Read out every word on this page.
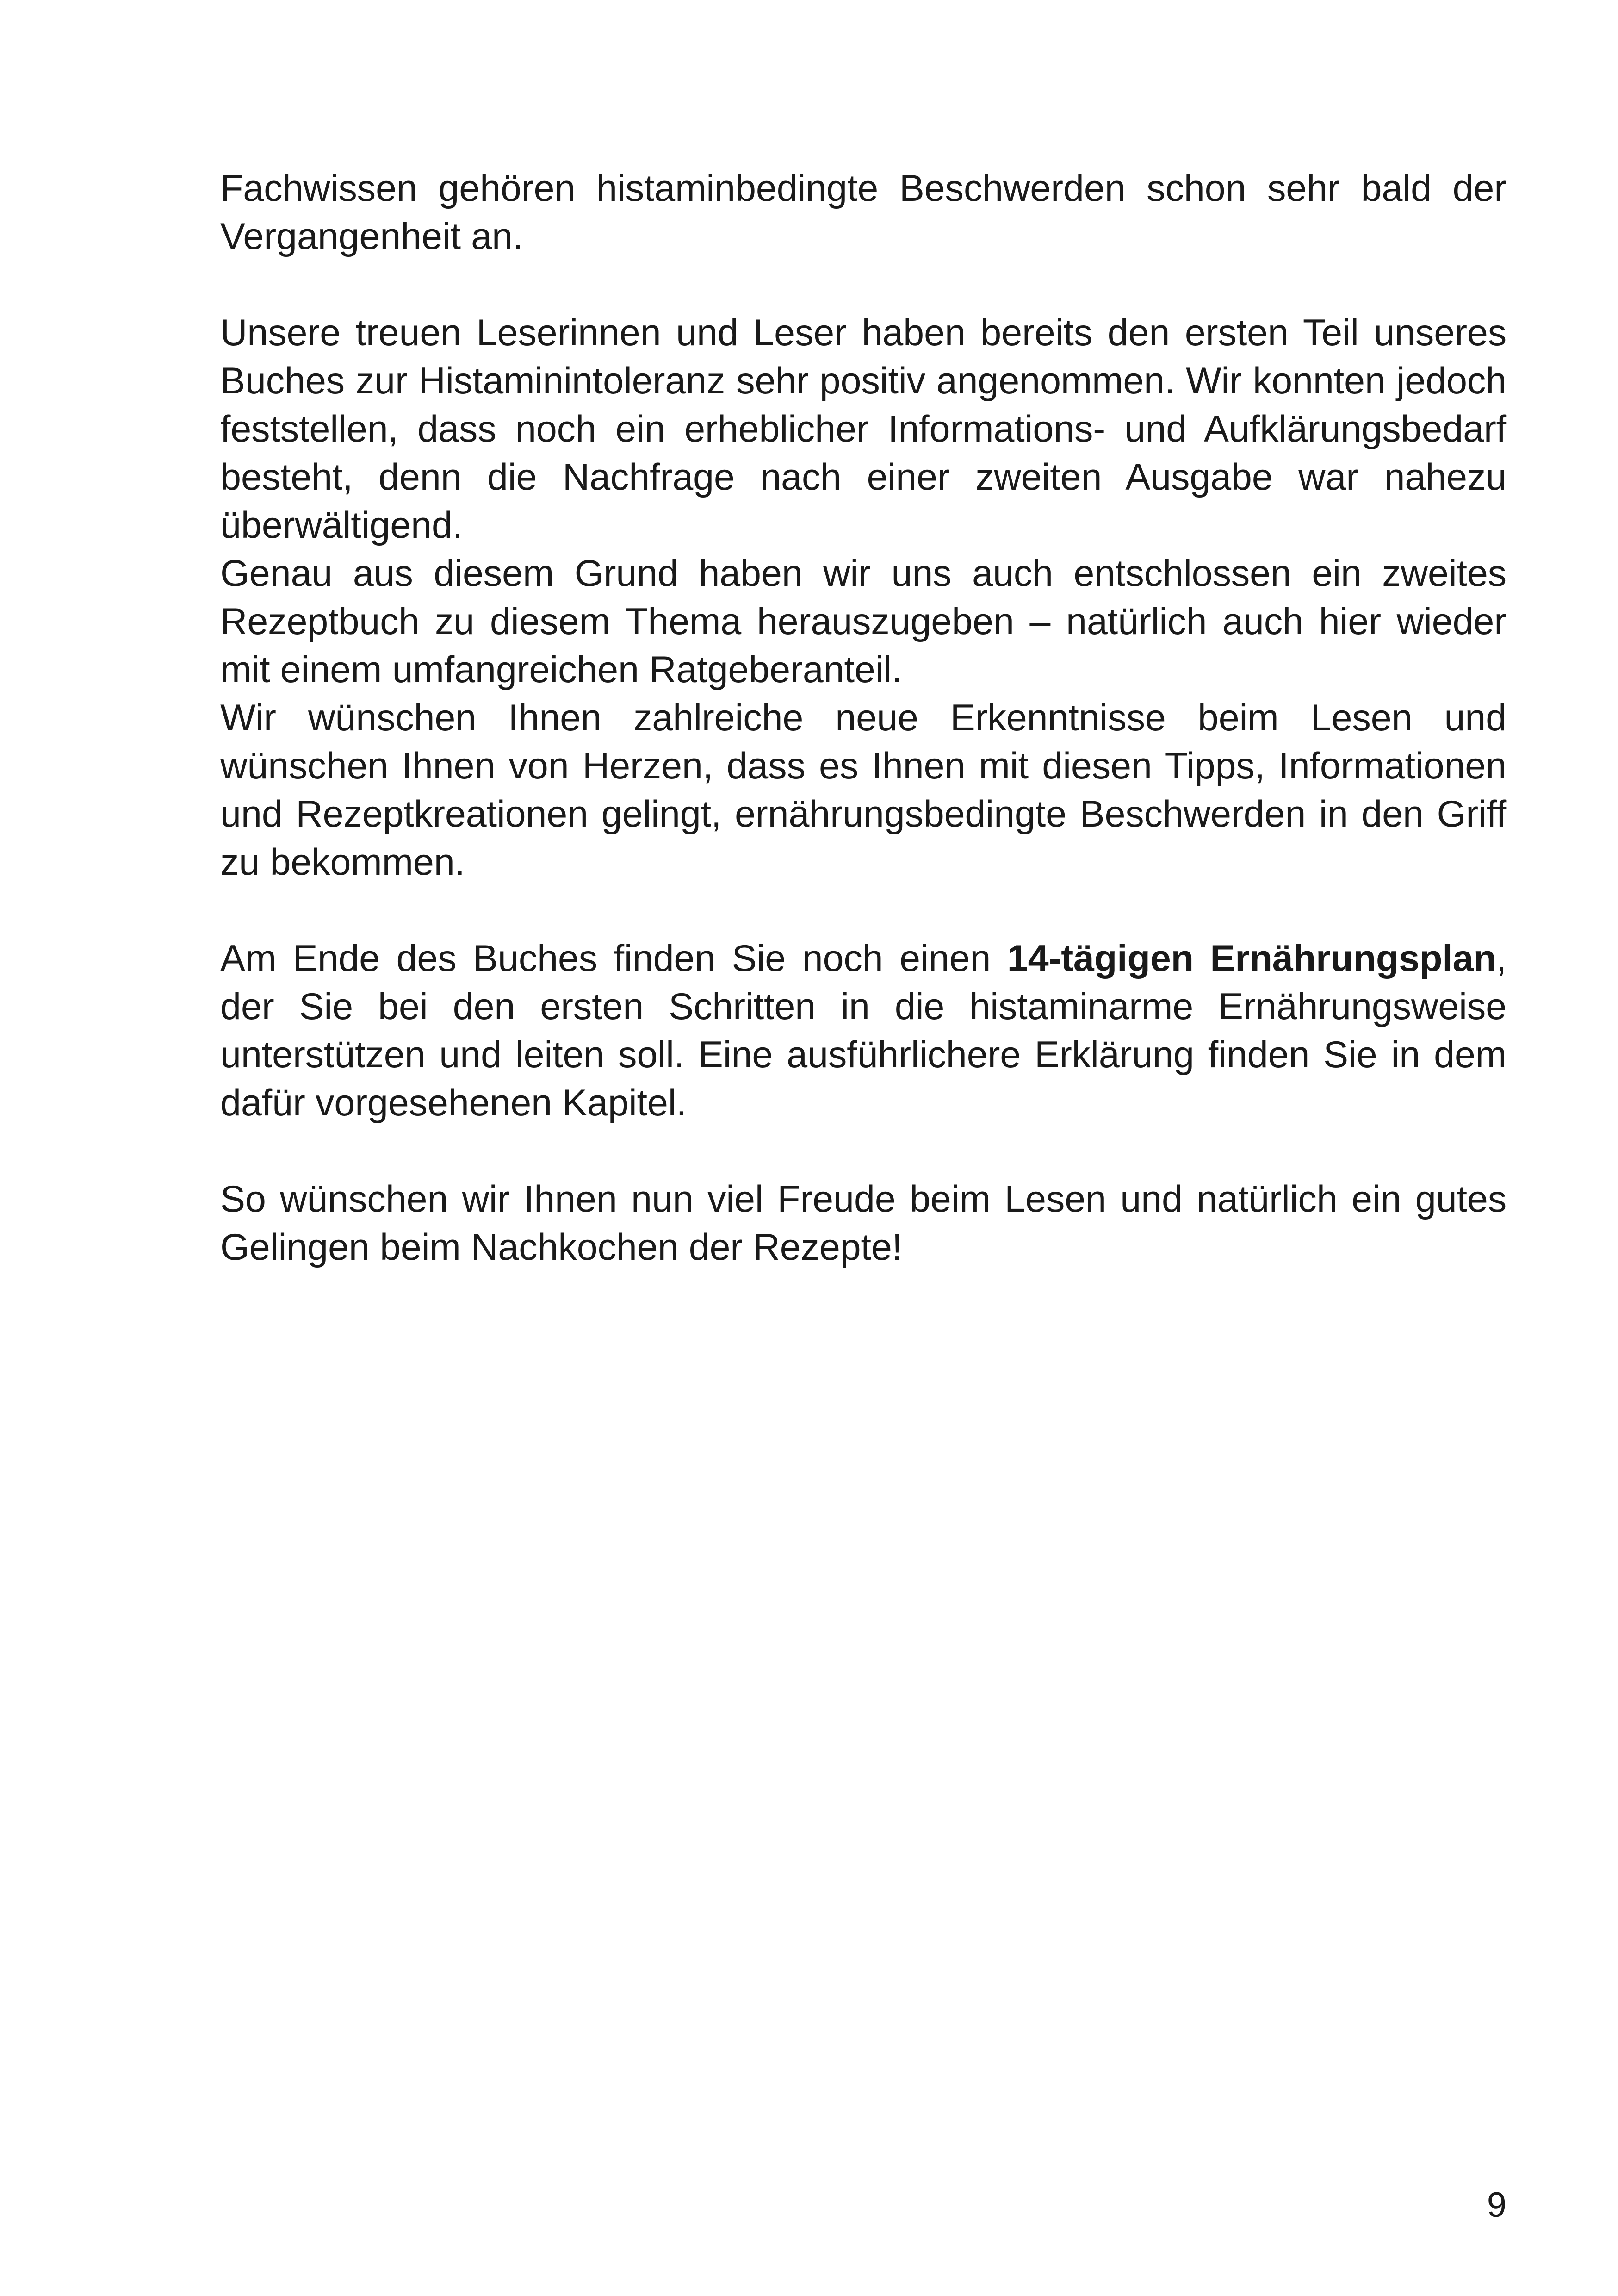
Fachwissen gehören histaminbedingte Beschwerden schon sehr bald der Vergangenheit an.

Unsere treuen Leserinnen und Leser haben bereits den ersten Teil unseres Buches zur Histaminintoleranz sehr positiv angenommen. Wir konnten jedoch feststellen, dass noch ein erheblicher Informations- und Aufklärungsbedarf besteht, denn die Nachfrage nach einer zweiten Ausgabe war nahezu überwältigend.

Genau aus diesem Grund haben wir uns auch entschlossen ein zweites Rezeptbuch zu diesem Thema herauszugeben – natürlich auch hier wieder mit einem umfangreichen Ratgeberanteil.

Wir wünschen Ihnen zahlreiche neue Erkenntnisse beim Lesen und wünschen Ihnen von Herzen, dass es Ihnen mit diesen Tipps, Informationen und Rezeptkreationen gelingt, ernährungsbedingte Beschwerden in den Griff zu bekommen.

Am Ende des Buches finden Sie noch einen 14-tägigen Ernährungsplan, der Sie bei den ersten Schritten in die histaminarme Ernährungsweise unterstützen und leiten soll. Eine ausführlichere Erklärung finden Sie in dem dafür vorgesehenen Kapitel.

So wünschen wir Ihnen nun viel Freude beim Lesen und natürlich ein gutes Gelingen beim Nachkochen der Rezepte!

9
